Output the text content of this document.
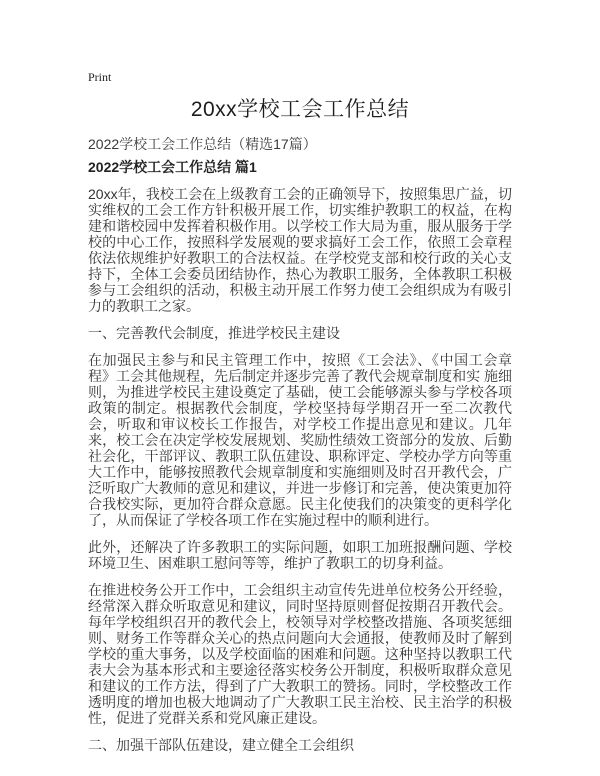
Print
20xx学校工会工作总结

2022学校工会工作总结（精选17篇）

2022学校工会工作总结 篇1

20xx年，我校工会在上级教育工会的正确领导下，按照集思广益，切实维权的工会工作方针积极开展工作，切实维护教职工的权益，在构建和谐校园中发挥着积极作用。以学校工作大局为重，服从服务于学校的中心工作，按照科学发展观的要求搞好工会工作，依照工会章程依法依规维护好教职工的合法权益。在学校党支部和校行政的关心支持下，全体工会委员团结协作，热心为教职工服务，全体教职工积极参与工会组织的活动，积极主动开展工作努力使工会组织成为有吸引力的教职工之家。

一、完善教代会制度，推进学校民主建设

在加强民主参与和民主管理工作中，按照《工会法》、《中国工会章程》工会其他规程，先后制定并逐步完善了教代会规章制度和实 施细则，为推进学校民主建设奠定了基础，使工会能够源头参与学校各项政策的制定。根据教代会制度，学校坚持每学期召开一至二次教代会，听取和审议校长工作报告，对学校工作提出意见和建议。几年来，校工会在决定学校发展规划、奖励性绩效工资部分的发放、后勤社会化，干部评议、教职工队伍建设、职称评定、学校办学方向等重大工作中，能够按照教代会规章制度和实施细则及时召开教代会，广泛听取广大教师的意见和建议，并进一步修订和完善，使决策更加符合我校实际，更加符合群众意愿。民主化使我们的决策变的更科学化了，从而保证了学校各项工作在实施过程中的顺利进行。

此外，还解决了许多教职工的实际问题，如职工加班报酬问题、学校环境卫生、困难职工慰问等等，维护了教职工的切身利益。

在推进校务公开工作中，工会组织主动宣传先进单位校务公开经验，经常深入群众听取意见和建议，同时坚持原则督促按期召开教代会。每年学校组织召开的教代会上，校领导对学校整改措施、各项奖惩细则、财务工作等群众关心的热点问题向大会通报，使教师及时了解到学校的重大事务，以及学校面临的困难和问题。这种坚持以教职工代表大会为基本形式和主要途径落实校务公开制度，积极听取群众意见和建议的工作方法，得到了广大教职工的赞扬。同时，学校整改工作透明度的增加也极大地调动了广大教职工民主治校、民主治学的积极性，促进了党群关系和党风廉正建设。

二、加强干部队伍建设，建立健全工会组织
